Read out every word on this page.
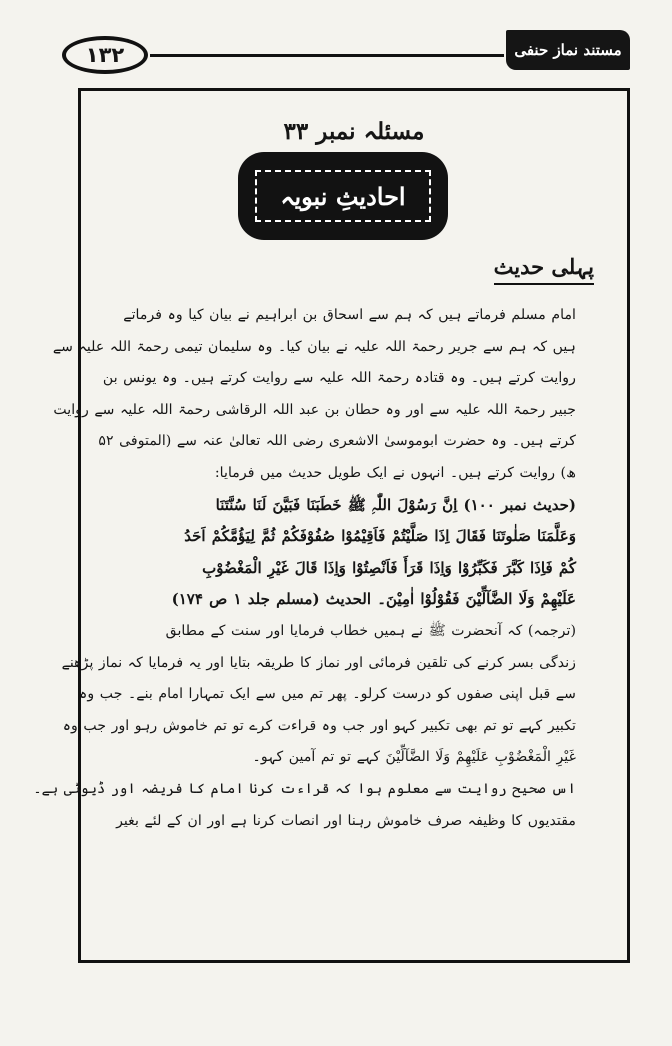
۱۳۲	مستند نماز حنفی
مسئلہ نمبر ۳۳
احادیثِ نبویہ
پہلی حدیث
امام مسلم فرماتے ہیں کہ ہم سے اسحاق بن ابراہیم نے بیان کیا وہ فرماتے
ہیں کہ ہم سے جریر رحمۃ اللہ علیہ نے بیان کیا۔ وہ سلیمان تیمی رحمۃ اللہ علیہ سے
روایت کرتے ہیں۔ وہ قتادہ رحمۃ اللہ علیہ سے روایت کرتے ہیں۔ وہ یونس بن
جبیر رحمۃ اللہ علیہ سے اور وہ حطان بن عبد اللہ الرقاشی رحمۃ اللہ علیہ سے روایت
کرتے ہیں۔ وہ حضرت ابوموسیٰ الاشعری رضی اللہ تعالیٰ عنہ سے (المتوفی ۵۲
ھ) روایت کرتے ہیں۔ انہوں نے ایک طویل حدیث میں فرمایا:
(حدیث نمبر ۱۰۰) اِنَّ رَسُوْلَ اللّٰہِ ﷺ خَطَبَنَا فَبَیَّنَ لَنَا سُنَّتَنَا
وَعَلَّمَنَا صَلٰوتَنَا فَقَالَ اِذَا صَلَّیْتُمْ فَاَقِیْمُوْا صُفُوْفَکُمْ ثُمَّ لِیَؤُمَّکُمْ اَحَدُ
کُمْ فَاِذَا کَبَّرَ فَکَبِّرُوْا وَاِذَا قَرَأَ فَاَنْصِتُوْا وَاِذَا قَالَ غَیْرِ الْمَغْضُوْبِ
عَلَیْهِمْ وَلَا الضَّآلِّیْنَ فَقُوْلُوْا اٰمِیْنَ۔ الحدیث (مسلم جلد ۱ ص ۱۷۴)
(ترجمہ) کہ آنحضرت ﷺ نے ہمیں خطاب فرمایا اور سنت کے مطابق
زندگی بسر کرنے کی تلقین فرمائی اور نماز کا طریقہ بتایا اور یہ فرمایا کہ نماز پڑھنے
سے قبل اپنی صفوں کو درست کرلو۔ پھر تم میں سے ایک تمہارا امام بنے۔ جب وہ
تکبیر کہے تو تم بھی تکبیر کہو اور جب وہ قراءت کرے تو تم خاموش رہو اور جب وہ
غَیْرِ الْمَغْضُوْبِ عَلَیْهِمْ وَلَا الضَّآلِّیْنَ کہے تو تم آمین کہو۔
اس صحیح روایت سے معلوم ہوا کہ قراءت کرنا امام کا فریضہ اور ڈیوٹی ہے۔
مقتدیوں کا وظیفہ صرف خاموش رہنا اور انصات کرنا ہے اور ان کے لئے بغیر
